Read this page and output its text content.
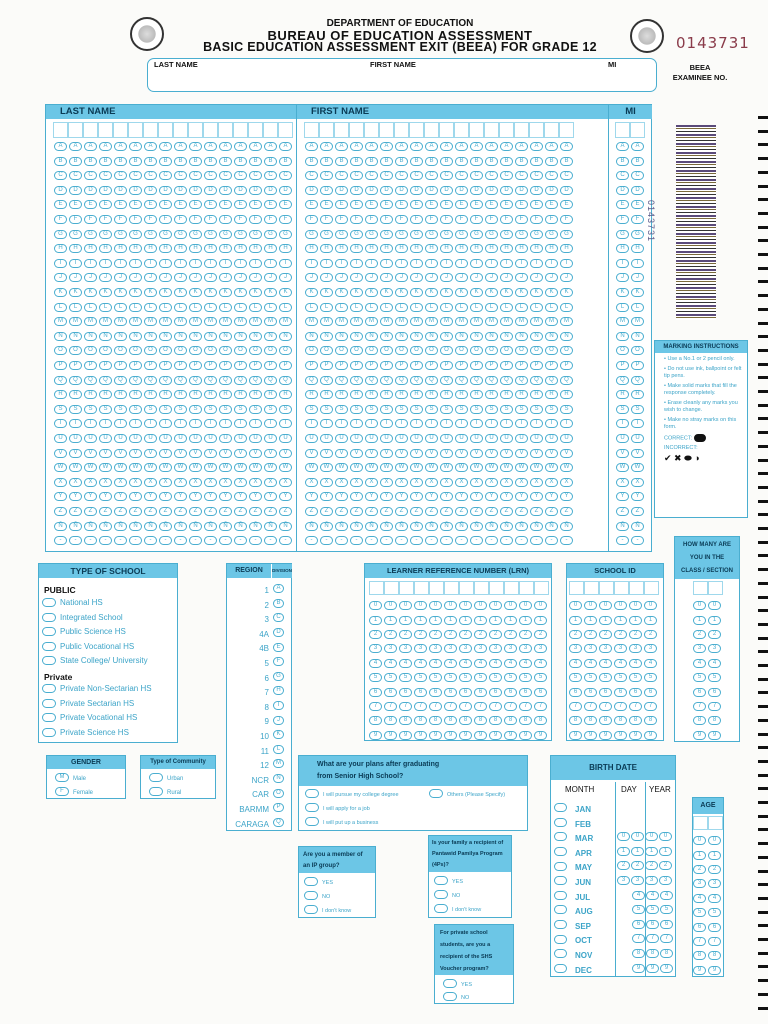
DEPARTMENT OF EDUCATION
BUREAU OF EDUCATION ASSESSMENT
BASIC EDUCATION ASSESSMENT EXIT (BEEA) FOR GRADE 12	0143731
BEEA
EXAMINEE NO.
LAST NAME	FIRST NAME	MI
LAST NAME	FIRST NAME	MI
A	A	A	A	A	A	A	A	A	A	A	A	A	A	A	A
B	B	B	B	B	B	B	B	B	B	B	B	B	B	B	B
C	C	C	C	C	C	C	C	C	C	C	C	C	C	C	C
D	D	D	D	D	D	D	D	D	D	D	D	D	D	D	D
E	E	E	E	E	E	E	E	E	E	E	E	E	E	E	E
F	F	F	F	F	F	F	F	F	F	F	F	F	F	F	F
G	G	G	G	G	G	G	G	G	G	G	G	G	G	G	G
H	H	H	H	H	H	H	H	H	H	H	H	H	H	H	H
I	I	I	I	I	I	I	I	I	I	I	I	I	I	I	I
J	J	J	J	J	J	J	J	J	J	J	J	J	J	J	J
K	K	K	K	K	K	K	K	K	K	K	K	K	K	K	K
L	L	L	L	L	L	L	L	L	L	L	L	L	L	L	L
M	M	M	M	M	M	M	M	M	M	M	M	M	M	M	M
N	N	N	N	N	N	N	N	N	N	N	N	N	N	N	N
O	O	O	O	O	O	O	O	O	O	O	O	O	O	O	O
P	P	P	P	P	P	P	P	P	P	P	P	P	P	P	P
Q	Q	Q	Q	Q	Q	Q	Q	Q	Q	Q	Q	Q	Q	Q	Q
R	R	R	R	R	R	R	R	R	R	R	R	R	R	R	R
S	S	S	S	S	S	S	S	S	S	S	S	S	S	S	S
T	T	T	T	T	T	T	T	T	T	T	T	T	T	T	T
U	U	U	U	U	U	U	U	U	U	U	U	U	U	U	U
V	V	V	V	V	V	V	V	V	V	V	V	V	V	V	V
W	W	W	W	W	W	W	W	W	W	W	W	W	W	W	W
X	X	X	X	X	X	X	X	X	X	X	X	X	X	X	X
Y	Y	Y	Y	Y	Y	Y	Y	Y	Y	Y	Y	Y	Y	Y	Y
Z	Z	Z	Z	Z	Z	Z	Z	Z	Z	Z	Z	Z	Z	Z	Z
Ñ	Ñ	Ñ	Ñ	Ñ	Ñ	Ñ	Ñ	Ñ	Ñ	Ñ	Ñ	Ñ	Ñ	Ñ	Ñ
-	-	-	-	-	-	-	-	-	-	-	-	-	-	-	-
A	A	A	A	A	A	A	A	A	A	A	A	A	A	A	A	A	A
B	B	B	B	B	B	B	B	B	B	B	B	B	B	B	B	B	B
C	C	C	C	C	C	C	C	C	C	C	C	C	C	C	C	C	C
D	D	D	D	D	D	D	D	D	D	D	D	D	D	D	D	D	D
E	E	E	E	E	E	E	E	E	E	E	E	E	E	E	E	E	E
F	F	F	F	F	F	F	F	F	F	F	F	F	F	F	F	F	F
G	G	G	G	G	G	G	G	G	G	G	G	G	G	G	G	G	G
H	H	H	H	H	H	H	H	H	H	H	H	H	H	H	H	H	H
I	I	I	I	I	I	I	I	I	I	I	I	I	I	I	I	I	I
J	J	J	J	J	J	J	J	J	J	J	J	J	J	J	J	J	J
K	K	K	K	K	K	K	K	K	K	K	K	K	K	K	K	K	K
L	L	L	L	L	L	L	L	L	L	L	L	L	L	L	L	L	L
M	M	M	M	M	M	M	M	M	M	M	M	M	M	M	M	M	M
N	N	N	N	N	N	N	N	N	N	N	N	N	N	N	N	N	N
O	O	O	O	O	O	O	O	O	O	O	O	O	O	O	O	O	O
P	P	P	P	P	P	P	P	P	P	P	P	P	P	P	P	P	P
Q	Q	Q	Q	Q	Q	Q	Q	Q	Q	Q	Q	Q	Q	Q	Q	Q	Q
R	R	R	R	R	R	R	R	R	R	R	R	R	R	R	R	R	R
S	S	S	S	S	S	S	S	S	S	S	S	S	S	S	S	S	S
T	T	T	T	T	T	T	T	T	T	T	T	T	T	T	T	T	T
U	U	U	U	U	U	U	U	U	U	U	U	U	U	U	U	U	U
V	V	V	V	V	V	V	V	V	V	V	V	V	V	V	V	V	V
W	W	W	W	W	W	W	W	W	W	W	W	W	W	W	W	W	W
X	X	X	X	X	X	X	X	X	X	X	X	X	X	X	X	X	X
Y	Y	Y	Y	Y	Y	Y	Y	Y	Y	Y	Y	Y	Y	Y	Y	Y	Y
Z	Z	Z	Z	Z	Z	Z	Z	Z	Z	Z	Z	Z	Z	Z	Z	Z	Z
Ñ	Ñ	Ñ	Ñ	Ñ	Ñ	Ñ	Ñ	Ñ	Ñ	Ñ	Ñ	Ñ	Ñ	Ñ	Ñ	Ñ	Ñ
-	-	-	-	-	-	-	-	-	-	-	-	-	-	-	-	-	-
A	A
B	B
C	C
D	D
E	E
F	F
G	G
H	H
I	I
J	J
K	K
L	L
M	M
N	N
O	O
P	P
Q	Q
R	R
S	S
T	T
U	U
V	V
W	W
X	X
Y	Y
Z	Z
Ñ	Ñ
-	-
0143731
MARKING INSTRUCTIONS

• Use a No.1 or 2 pencil only.

• Do not use ink, ballpoint or felt tip pens.

• Make solid marks that fill the response completely.

• Erase cleanly any marks you wish to change.

• Make no stray marks on this form.

CORRECT:

INCORRECT:

✔ ✖ ⬬ ◑

TYPE OF SCHOOL
PUBLIC
Private
National HS
Integrated School
Public Science HS
Public Vocational HS
State College/ University
Private Non-Sectarian HS
Private Sectarian HS
Private Vocational HS
Private Science HS
REGION	DIVISION
1 A
2 B
3 C
4A D
4B E
5 F
6 G
7 H
8 I
9 J
10 K
11 L
12 M
NCR N
CAR O
BARMM P
CARAGA Q
LEARNER REFERENCE NUMBER (LRN)
0 0 0 0 0 0 0 0 0 0 0 0
1 1 1 1 1 1 1 1 1 1 1 1
2 2 2 2 2 2 2 2 2 2 2 2
3 3 3 3 3 3 3 3 3 3 3 3
4 4 4 4 4 4 4 4 4 4 4 4
5 5 5 5 5 5 5 5 5 5 5 5
6 6 6 6 6 6 6 6 6 6 6 6
7 7 7 7 7 7 7 7 7 7 7 7
8 8 8 8 8 8 8 8 8 8 8 8
9 9 9 9 9 9 9 9 9 9 9 9
SCHOOL ID
0 0 0 0 0 0
1 1 1 1 1 1
2 2 2 2 2 2
3 3 3 3 3 3
4 4 4 4 4 4
5 5 5 5 5 5
6 6 6 6 6 6
7 7 7 7 7 7
8 8 8 8 8 8
9 9 9 9 9 9
HOW MANY ARE
YOU IN THE
CLASS / SECTION
0 0
1 1
2 2
3 3
4 4
5 5
6 6
7 7
8 8
9 9
GENDER
M Male
F Female
Type of Community
Urban
Rural
What are your plans after graduating
from Senior High School?
I will pursue my college degree
I will apply for a job
I will put up a business
Others (Please Specify)
Are you a member of
an IP group?
YES
NO
I don't know
Is your family a recipient of
Pantawid Pamilya Program
(4Ps)?
YES
NO
I don't know
For private school
students, are you a
recipient of the SHS
Voucher program?
YES
NO
BIRTH DATE
MONTH	DAY YEAR
JAN
FEB
MAR
APR
MAY
JUN
JUL
AUG
SEP
OCT
NOV
DEC
0 0 0 0
1 1 1 1
2 2 2 2
3 3 3 3
4 4 4
5 5 5
6 6 6
7 7 7
8 8 8
9 9 9
AGE
0 0
1 1
2 2
3 3
4 4
5 5
6 6
7 7
8 8
9 9
